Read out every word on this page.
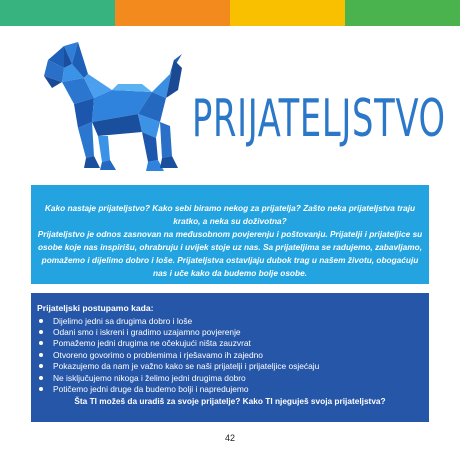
PRIJATELJSTVO

Kako nastaje prijateljstvo? Kako sebi biramo nekog za prijatelja? Zašto neka prijateljstva traju kratko, a neka su doživotna?

Prijateljstvo je odnos zasnovan na međusobnom povjerenju i poštovanju. Prijatelji i prijateljice su osobe koje nas inspirišu, ohrabruju i uvijek stoje uz nas. Sa prijateljima se radujemo, zabavljamo, pomažemo i dijelimo dobro i loše. Prijateljstva ostavljaju dubok trag u našem životu, obogaćuju nas i uče kako da budemo bolje osobe.

Prijateljski postupamo kada:

Dijelimo jedni sa drugima dobro i loše
Odani smo i iskreni i gradimo uzajamno povjerenje
Pomažemo jedni drugima ne očekujući ništa zauzvrat
Otvoreno govorimo o problemima i rješavamo ih zajedno
Pokazujemo da nam je važno kako se naši prijatelji i prijateljice osjećaju
Ne isključujemo nikoga i želimo jedni drugima dobro
Potičemo jedni druge da budemo bolji i napredujemo
Šta TI možeš da uradiš za svoje prijatelje? Kako TI njeguješ svoja prijateljstva?
42
